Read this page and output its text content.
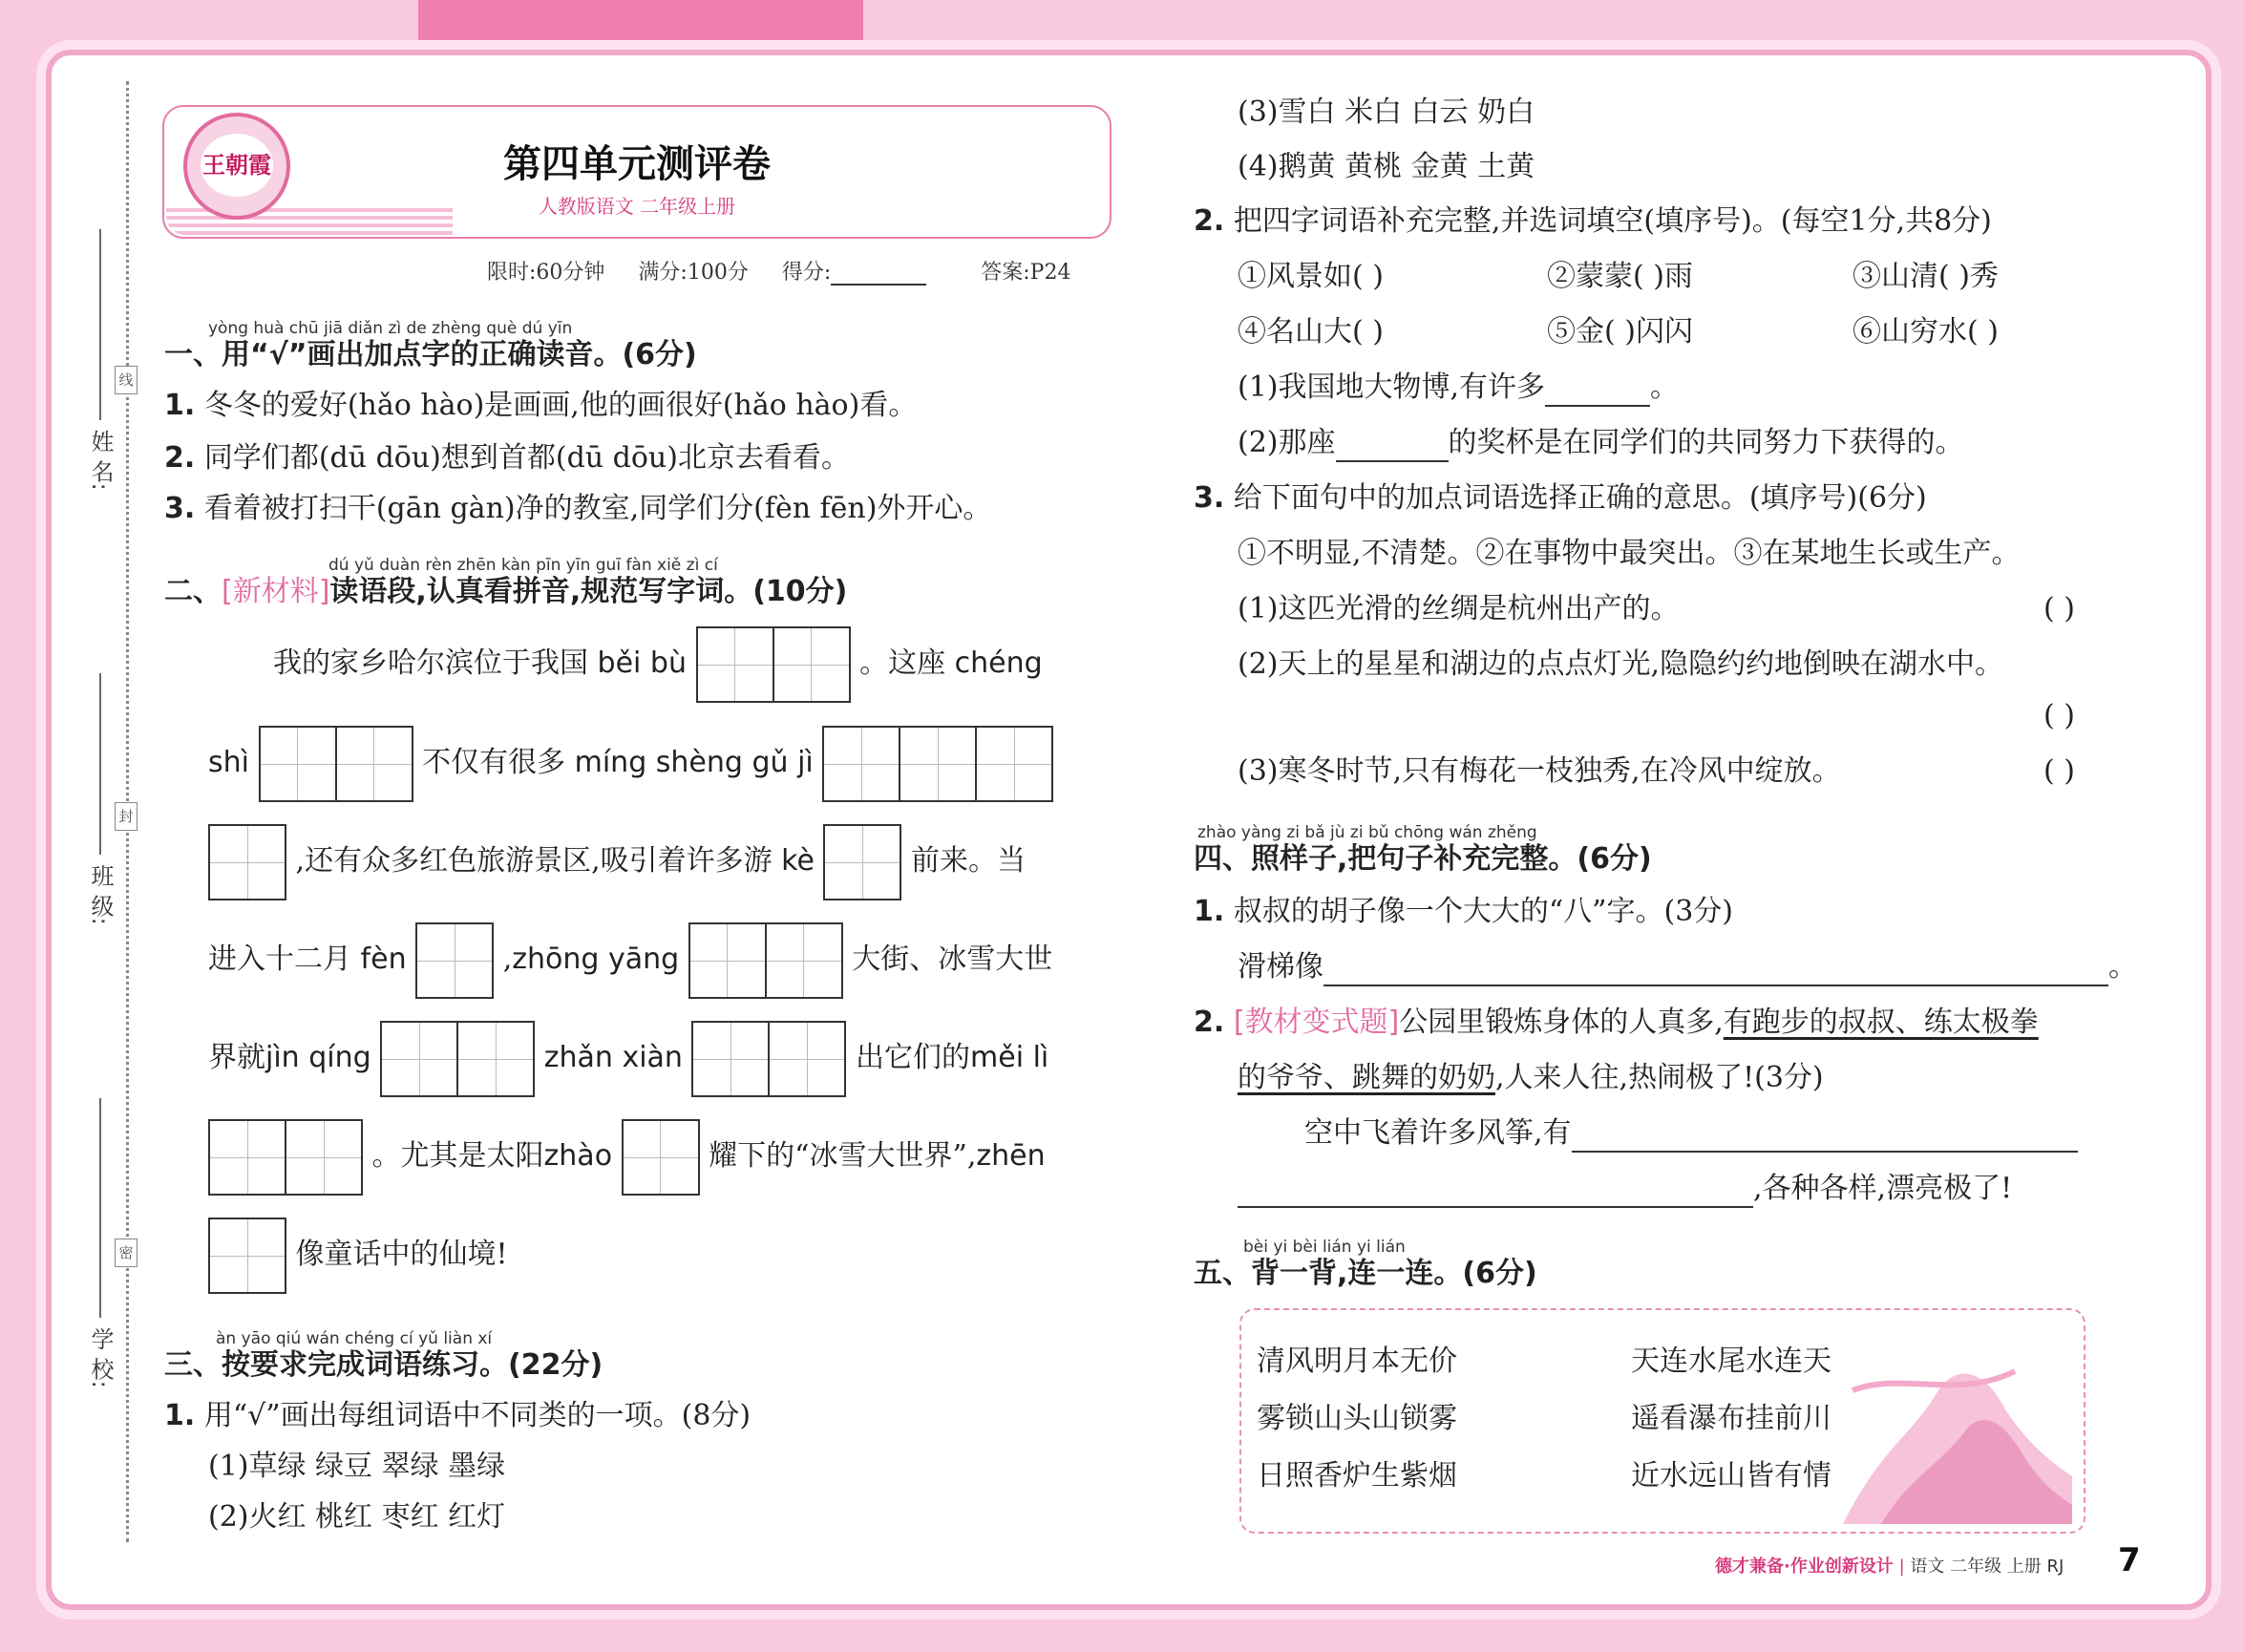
姓 名:
班 级:
学 校:
线
封
密
王朝霞	第四单元测评卷
人教版语文 二年级上册
限时:60分钟 满分:100分 得分:	答案:P24
yòng huà chū jiā diǎn zì de zhèng què dú yīn
一、用“√”画出加点字的正确读音。(6分)
1. 冬冬的爱好(hǎo hào)是画画,他的画很好(hǎo hào)看。
2. 同学们都(dū dōu)想到首都(dū dōu)北京去看看。
3. 看着被打扫干(gān gàn)净的教室,同学们分(fèn fēn)外开心。
dú yǔ duàn rèn zhēn kàn pīn yīn guī fàn xiě zì cí
二、[新材料]读语段,认真看拼音,规范写字词。(10分)
我的家乡哈尔滨位于我国 běi bù	。这座 chéng
shì	不仅有很多 míng shèng gǔ jì
,还有众多红色旅游景区,吸引着许多游 kè	前来。当
进入十二月 fèn	,zhōng yāng	大街、冰雪大世
界就jìn qíng	zhǎn xiàn	出它们的měi lì
。尤其是太阳zhào	耀下的“冰雪大世界”,zhēn
像童话中的仙境!
àn yāo qiú wán chéng cí yǔ liàn xí
三、按要求完成词语练习。(22分)
1. 用“√”画出每组词语中不同类的一项。(8分)
(1)草绿 绿豆 翠绿 墨绿
(2)火红 桃红 枣红 红灯
(3)雪白 米白 白云 奶白
(4)鹅黄 黄桃 金黄 土黄
2. 把四字词语补充完整,并选词填空(填序号)。(每空1分,共8分)
①风景如( )	②蒙蒙( )雨	③山清( )秀
④名山大( )	⑤金( )闪闪	⑥山穷水( )
(1)我国地大物博,有许多	。
(2)那座	的奖杯是在同学们的共同努力下获得的。
3. 给下面句中的加点词语选择正确的意思。(填序号)(6分)
①不明显,不清楚。②在事物中最突出。③在某地生长或生产。
(1)这匹光滑的丝绸是杭州出产的。	( )
(2)天上的星星和湖边的点点灯光,隐隐约约地倒映在湖水中。
( )
(3)寒冬时节,只有梅花一枝独秀,在冷风中绽放。	( )
zhào yàng zi bǎ jù zi bǔ chōng wán zhěng
四、照样子,把句子补充完整。(6分)
1. 叔叔的胡子像一个大大的“八”字。(3分)
滑梯像	。
2. [教材变式题]公园里锻炼身体的人真多,有跑步的叔叔、练太极拳
的爷爷、跳舞的奶奶,人来人往,热闹极了!(3分)
空中飞着许多风筝,有
,各种各样,漂亮极了!
bèi yi bèi lián yi lián
五、背一背,连一连。(6分)
清风明月本无价
雾锁山头山锁雾
日照香炉生紫烟
天连水尾水连天
遥看瀑布挂前川
近水远山皆有情
德才兼备·作业创新设计 | 语文 二年级 上册 RJ 7
